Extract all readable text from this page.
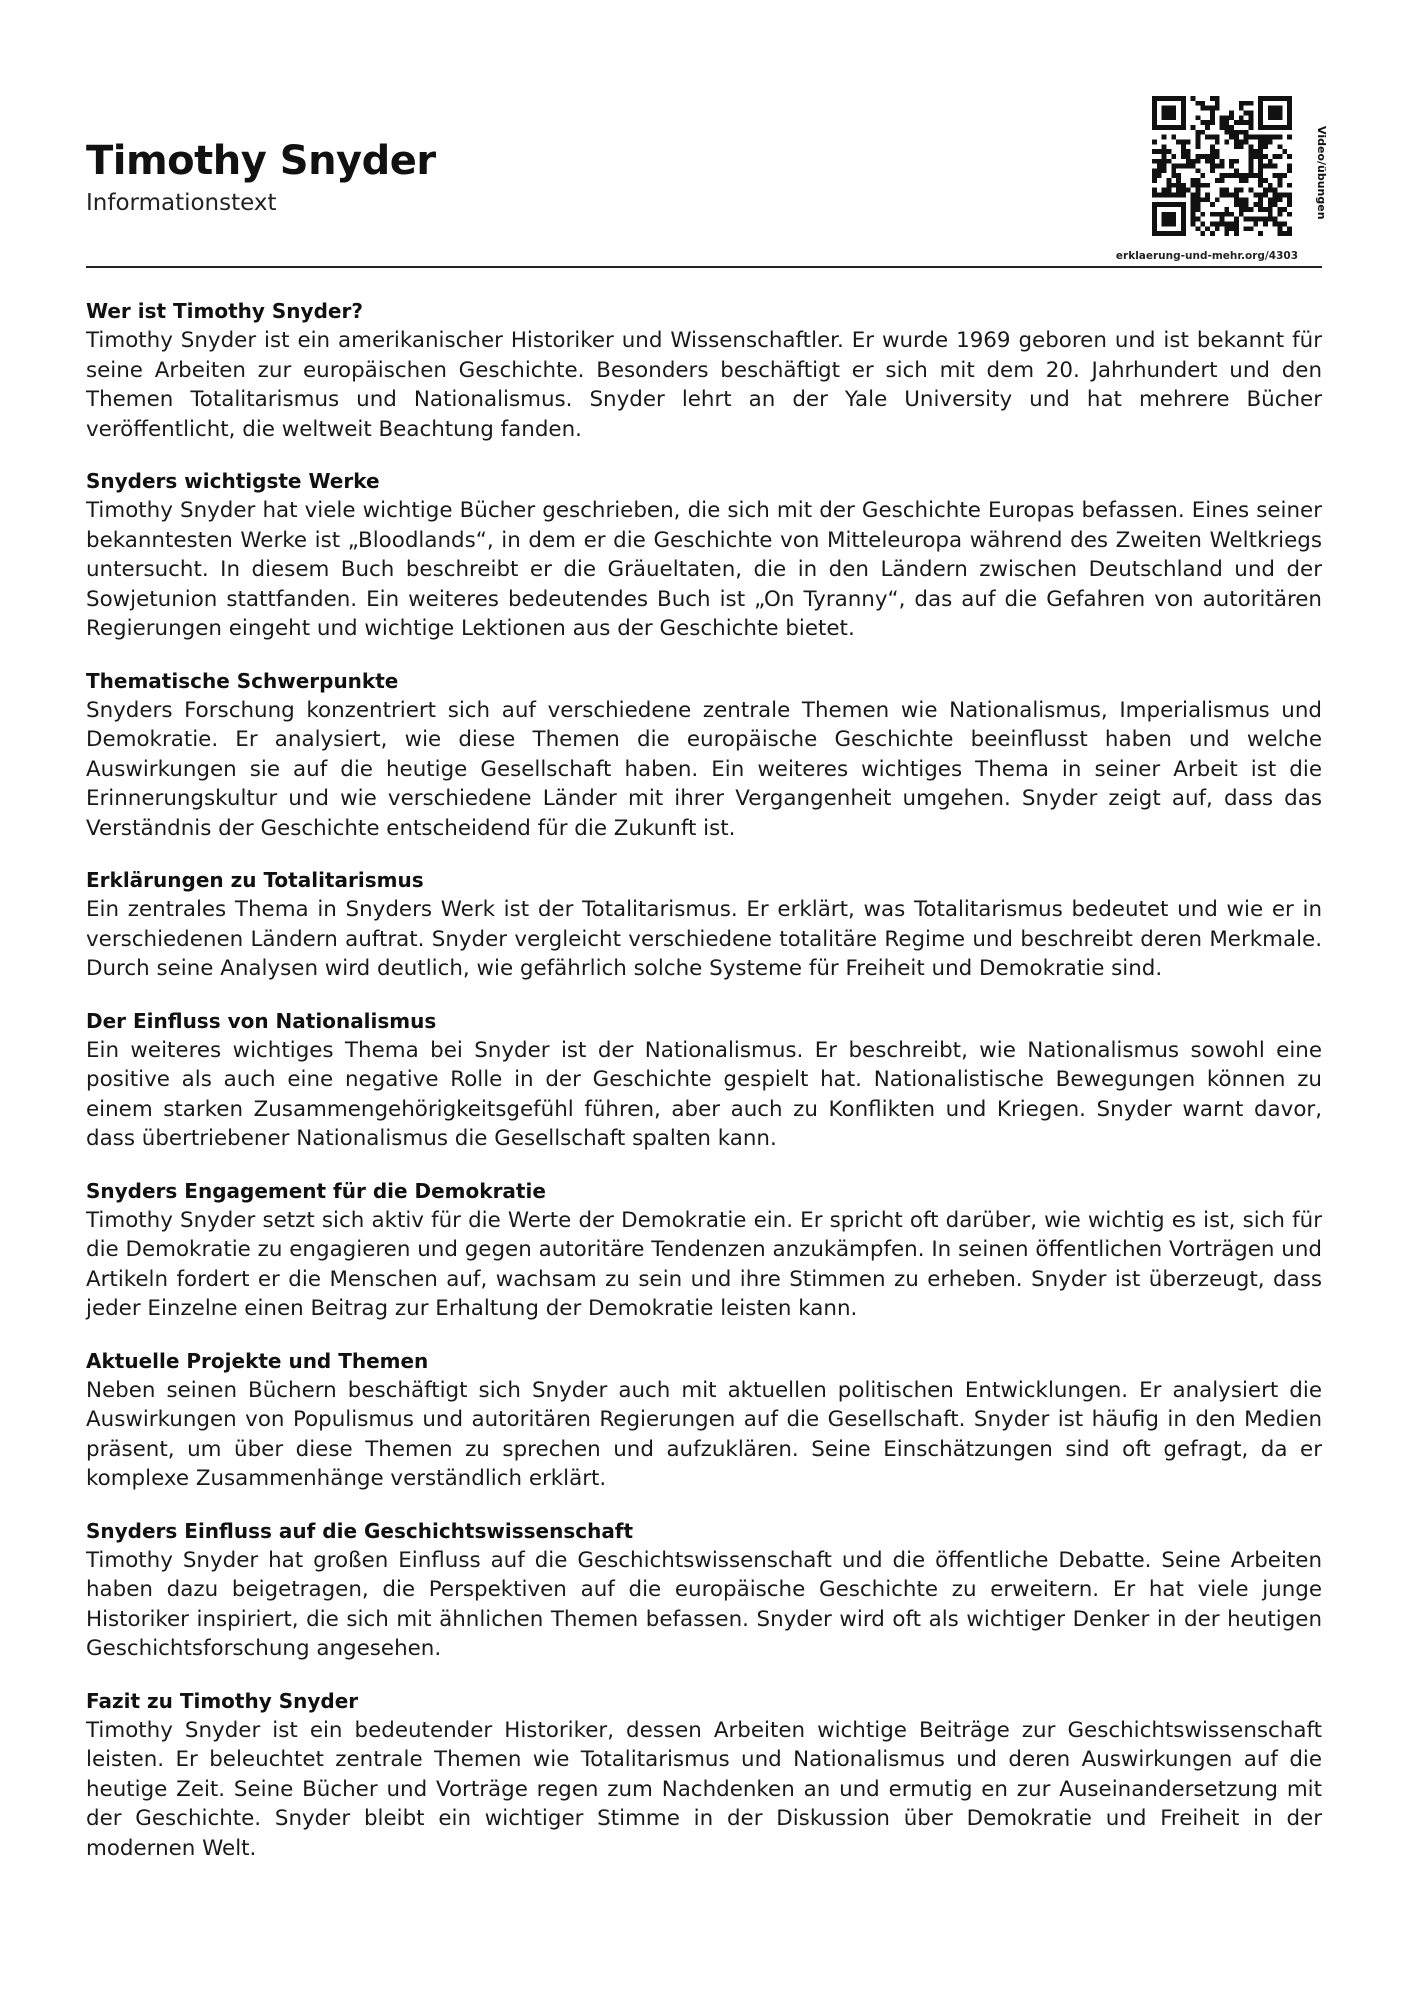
Timothy Snyder

Informationstext	Video/übungen
erklaerung-und-mehr.org/4303
Wer ist Timothy Snyder?

Timothy Snyder ist ein amerikanischer Historiker und Wissenschaftler. Er wurde 1969 geboren und ist bekannt für seine Arbeiten zur europäischen Geschichte. Besonders beschäftigt er sich mit dem 20. Jahrhundert und den Themen Totalitarismus und Nationalismus. Snyder lehrt an der Yale University und hat mehrere Bücher veröffentlicht, die weltweit Beachtung fanden.

Snyders wichtigste Werke

Timothy Snyder hat viele wichtige Bücher geschrieben, die sich mit der Geschichte Europas befassen. Eines seiner bekanntesten Werke ist „Bloodlands“, in dem er die Geschichte von Mitteleuropa während des Zweiten Weltkriegs untersucht. In diesem Buch beschreibt er die Gräueltaten, die in den Ländern zwischen Deutschland und der Sowjetunion stattfanden. Ein weiteres bedeutendes Buch ist „On Tyranny“, das auf die Gefahren von autoritären Regierungen eingeht und wichtige Lektionen aus der Geschichte bietet.

Thematische Schwerpunkte

Snyders Forschung konzentriert sich auf verschiedene zentrale Themen wie Nationalismus, Imperialismus und Demokratie. Er analysiert, wie diese Themen die europäische Geschichte beeinflusst haben und welche Auswirkungen sie auf die heutige Gesellschaft haben. Ein weiteres wichtiges Thema in seiner Arbeit ist die Erinnerungskultur und wie verschiedene Länder mit ihrer Vergangenheit umgehen. Snyder zeigt auf, dass das Verständnis der Geschichte entscheidend für die Zukunft ist.

Erklärungen zu Totalitarismus

Ein zentrales Thema in Snyders Werk ist der Totalitarismus. Er erklärt, was Totalitarismus bedeutet und wie er in verschiedenen Ländern auftrat. Snyder vergleicht verschiedene totalitäre Regime und beschreibt deren Merkmale. Durch seine Analysen wird deutlich, wie gefährlich solche Systeme für Freiheit und Demokratie sind.

Der Einfluss von Nationalismus

Ein weiteres wichtiges Thema bei Snyder ist der Nationalismus. Er beschreibt, wie Nationalismus sowohl eine positive als auch eine negative Rolle in der Geschichte gespielt hat. Nationalistische Bewegungen können zu einem starken Zusammengehörigkeitsgefühl führen, aber auch zu Konflikten und Kriegen. Snyder warnt davor, dass übertriebener Nationalismus die Gesellschaft spalten kann.

Snyders Engagement für die Demokratie

Timothy Snyder setzt sich aktiv für die Werte der Demokratie ein. Er spricht oft darüber, wie wichtig es ist, sich für die Demokratie zu engagieren und gegen autoritäre Tendenzen anzukämpfen. In seinen öffentlichen Vorträgen und Artikeln fordert er die Menschen auf, wachsam zu sein und ihre Stimmen zu erheben. Snyder ist überzeugt, dass jeder Einzelne einen Beitrag zur Erhaltung der Demokratie leisten kann.

Aktuelle Projekte und Themen

Neben seinen Büchern beschäftigt sich Snyder auch mit aktuellen politischen Entwicklungen. Er analysiert die Auswirkungen von Populismus und autoritären Regierungen auf die Gesellschaft. Snyder ist häufig in den Medien präsent, um über diese Themen zu sprechen und aufzuklären. Seine Einschätzungen sind oft gefragt, da er komplexe Zusammenhänge verständlich erklärt.

Snyders Einfluss auf die Geschichtswissenschaft

Timothy Snyder hat großen Einfluss auf die Geschichtswissenschaft und die öffentliche Debatte. Seine Arbeiten haben dazu beigetragen, die Perspektiven auf die europäische Geschichte zu erweitern. Er hat viele junge Historiker inspiriert, die sich mit ähnlichen Themen befassen. Snyder wird oft als wichtiger Denker in der heutigen Geschichtsforschung angesehen.

Fazit zu Timothy Snyder

Timothy Snyder ist ein bedeutender Historiker, dessen Arbeiten wichtige Beiträge zur Geschichtswissenschaft leisten. Er beleuchtet zentrale Themen wie Totalitarismus und Nationalismus und deren Auswirkungen auf die heutige Zeit. Seine Bücher und Vorträge regen zum Nachdenken an und ermutig en zur Auseinandersetzung mit der Geschichte. Snyder bleibt ein wichtiger Stimme in der Diskussion über Demokratie und Freiheit in der modernen Welt.
